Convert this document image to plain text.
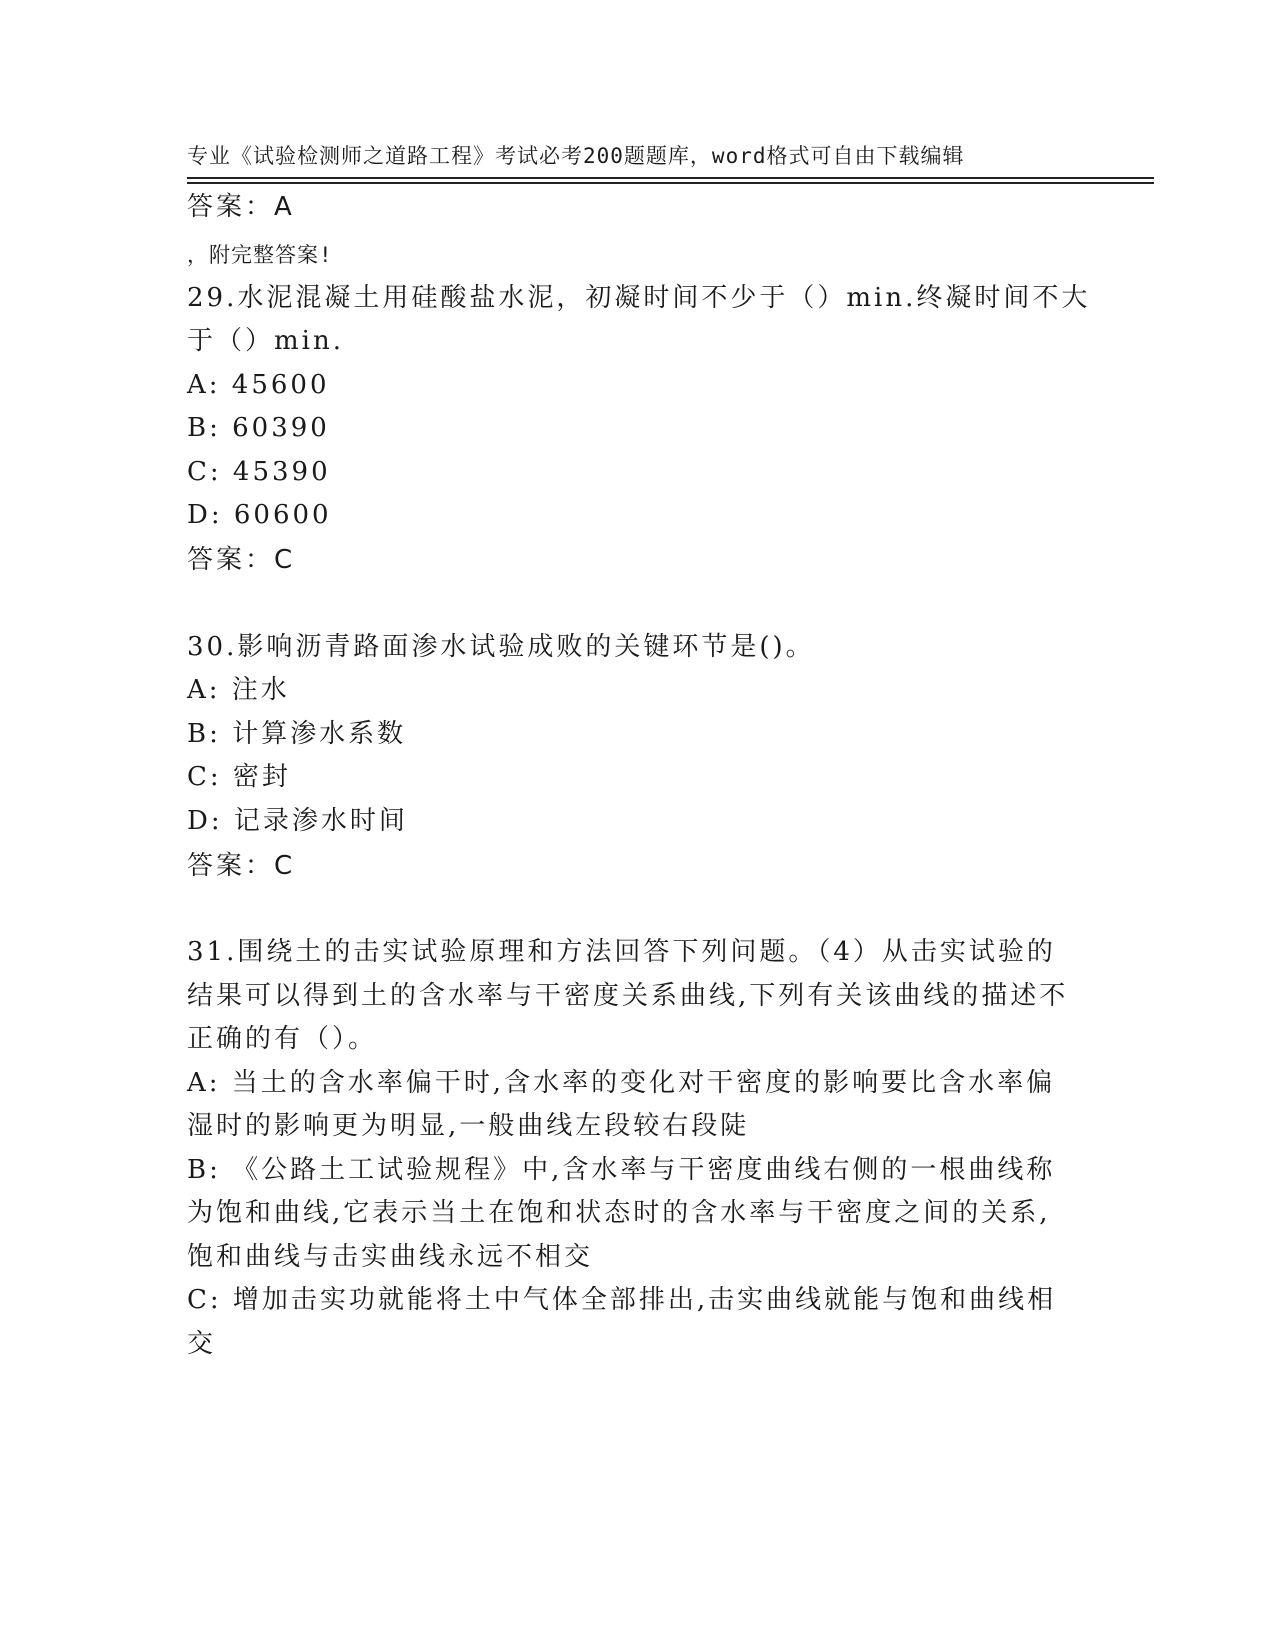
专业《试验检测师之道路工程》考试必考200题题库，word格式可自由下载编辑

，附完整答案!

答案：A
29.水泥混凝土用硅酸盐水泥，初凝时间不少于（）min.终凝时间不大
于（）min.
A: 45600
B: 60390
C: 45390
D: 60600
答案：C
30.影响沥青路面渗水试验成败的关键环节是()。
A: 注水
B: 计算渗水系数
C: 密封
D: 记录渗水时间
答案：C
31.围绕土的击实试验原理和方法回答下列问题。（4）从击实试验的
结果可以得到土的含水率与干密度关系曲线,下列有关该曲线的描述不
正确的有（）。
A: 当土的含水率偏干时,含水率的变化对干密度的影响要比含水率偏
湿时的影响更为明显,一般曲线左段较右段陡
B: 《公路土工试验规程》中,含水率与干密度曲线右侧的一根曲线称
为饱和曲线,它表示当土在饱和状态时的含水率与干密度之间的关系,
饱和曲线与击实曲线永远不相交
C: 增加击实功就能将土中气体全部排出,击实曲线就能与饱和曲线相
交
